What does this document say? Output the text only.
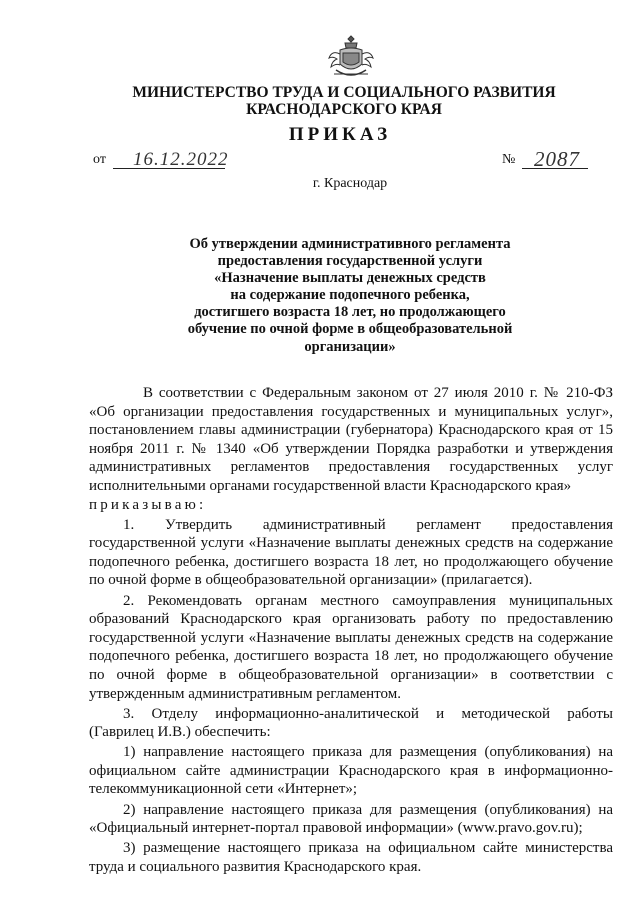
МИНИСТЕРСТВО ТРУДА И СОЦИАЛЬНОГО РАЗВИТИЯ
КРАСНОДАРСКОГО КРАЯ
ПРИКАЗ
от 16.12.2022	№ 2087
г. Краснодар
Об утверждении административного регламента
предоставления государственной услуги
«Назначение выплаты денежных средств
на содержание подопечного ребенка,
достигшего возраста 18 лет, но продолжающего
обучение по очной форме в общеобразовательной
организации»

В соответствии с Федеральным законом от 27 июля 2010 г. № 210-ФЗ «Об организации предоставления государственных и муниципальных услуг», постановлением главы администрации (губернатора) Краснодарского края от 15 ноября 2011 г. № 1340 «Об утверждении Порядка разработки и утверждения административных регламентов предоставления государственных услуг исполнительными органами государственной власти Краснодарского края»
приказываю:

1. Утвердить административный регламент предоставления государственной услуги «Назначение выплаты денежных средств на содержание подопечного ребенка, достигшего возраста 18 лет, но продолжающего обучение по очной форме в общеобразовательной организации» (прилагается).

2. Рекомендовать органам местного самоуправления муниципальных образований Краснодарского края организовать работу по предоставлению государственной услуги «Назначение выплаты денежных средств на содержание подопечного ребенка, достигшего возраста 18 лет, но продолжающего обучение по очной форме в общеобразовательной организации» в соответствии с утвержденным административным регламентом.

3. Отделу информационно-аналитической и методической работы (Гаврилец И.В.) обеспечить:

1) направление настоящего приказа для размещения (опубликования) на официальном сайте администрации Краснодарского края в информационно-телекоммуникационной сети «Интернет»;

2) направление настоящего приказа для размещения (опубликования) на «Официальный интернет-портал правовой информации» (www.pravo.gov.ru);

3) размещение настоящего приказа на официальном сайте министерства труда и социального развития Краснодарского края.
